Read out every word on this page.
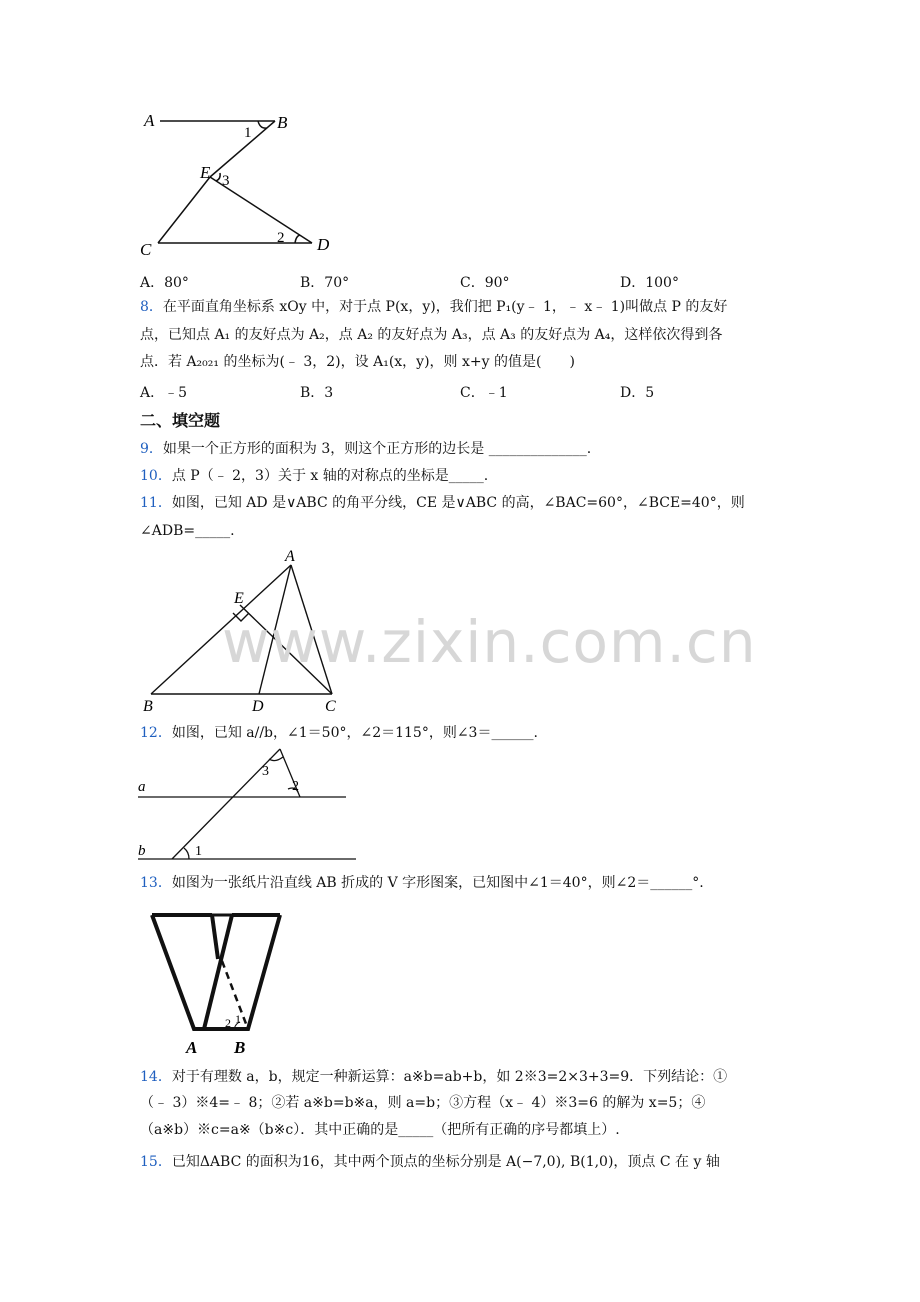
A	B
E
C	D
1
3
2
A．80°	B．70°	C．90°	D．100°
8．在平面直角坐标系 xOy 中，对于点 P(x，y)，我们把 P₁(y﹣ 1，﹣ x﹣ 1)叫做点 P 的友好
点，已知点 A₁ 的友好点为 A₂，点 A₂ 的友好点为 A₃，点 A₃ 的友好点为 A₄，这样依次得到各
点．若 A₂₀₂₁ 的坐标为(﹣ 3，2)，设 A₁(x，y)，则 x+y 的值是(　　)
A．﹣5	B．3	C．﹣1	D．5
二、填空题
9．如果一个正方形的面积为 3，则这个正方形的边长是 ______________.
10．点 P（﹣ 2，3）关于 x 轴的对称点的坐标是_____.
11．如图，已知 AD 是∨ABC 的角平分线，CE 是∨ABC 的高，∠BAC=60°，∠BCE=40°，则
∠ADB=_____.
A
E
B	D	C
www.zixin.com.cn
12．如图，已知 a//b，∠1＝50°，∠2＝115°，则∠3＝______.
a
b	1
3
2
13．如图为一张纸片沿直线 AB 折成的 V 字形图案，已知图中∠1＝40°，则∠2＝______°.
2 1
A B
14．对于有理数 a，b，规定一种新运算：a※b=ab+b，如 2※3=2×3+3=9．下列结论：①
（﹣ 3）※4=﹣ 8；②若 a※b=b※a，则 a=b；③方程（x﹣ 4）※3=6 的解为 x=5；④
（a※b）※c=a※（b※c）．其中正确的是_____（把所有正确的序号都填上）.
15．已知ΔABC 的面积为16，其中两个顶点的坐标分别是 A(−7,0), B(1,0)，顶点 C 在 y 轴
